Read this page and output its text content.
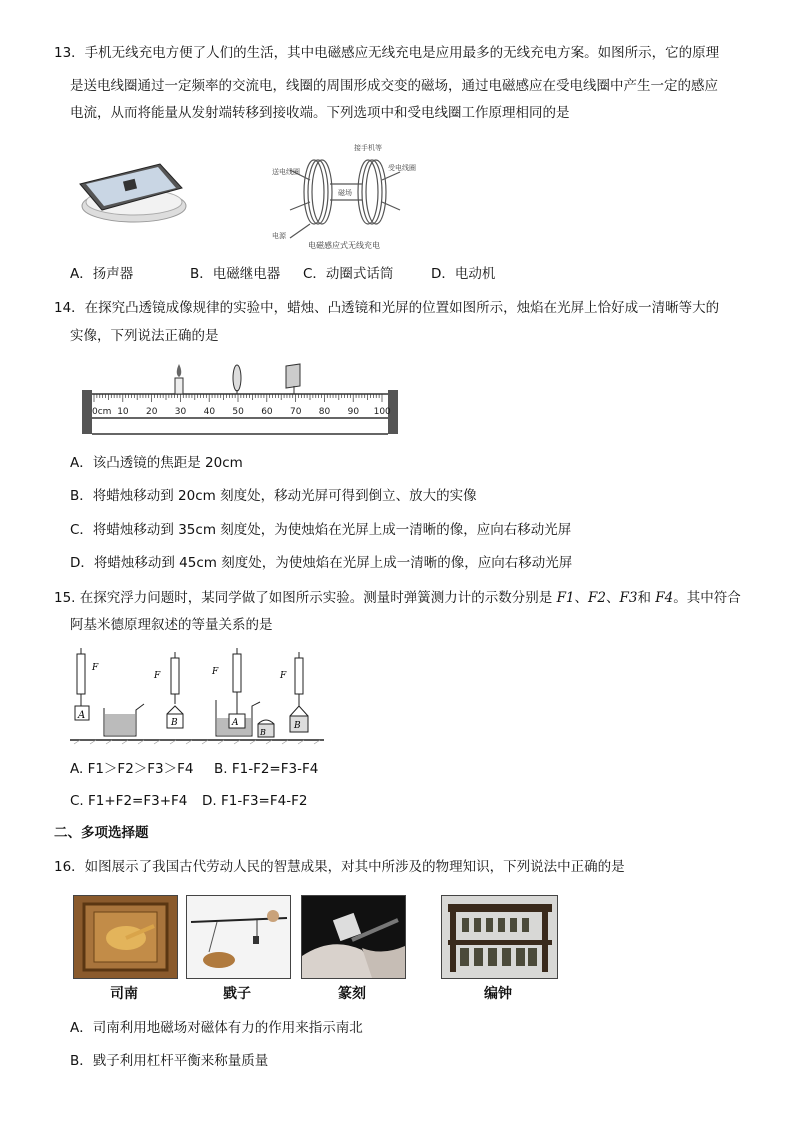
13．手机无线充电方便了人们的生活，其中电磁感应无线充电是应用最多的无线充电方案。如图所示，它的原理
是送电线圈通过一定频率的交流电，线圈的周围形成交变的磁场，通过电磁感应在受电线圈中产生一定的感应
电流，从而将能量从发射端转移到接收端。下列选项中和受电线圈工作原理相同的是
接手机等
送电线圈	受电线圈
磁场
电源
电磁感应式无线充电
A．扬声器	B．电磁继电器 C．动圈式话筒	D．电动机
14．在探究凸透镜成像规律的实验中，蜡烛、凸透镜和光屏的位置如图所示，烛焰在光屏上恰好成一清晰等大的
实像，下列说法正确的是
0cm 10 20 30 40 50 60 70 80 90 100
A．该凸透镜的焦距是 20cm
B．将蜡烛移动到 20cm 刻度处，移动光屏可得到倒立、放大的实像
C．将蜡烛移动到 35cm 刻度处，为使烛焰在光屏上成一清晰的像，应向右移动光屏
D．将蜡烛移动到 45cm 刻度处，为使烛焰在光屏上成一清晰的像，应向右移动光屏
15. 在探究浮力问题时，某同学做了如图所示实验。测量时弹簧测力计的示数分别是 F1、F2、F3和 F4。其中符合
阿基米德原理叙述的等量关系的是
F
A
F
B
F
A
B
F
B
A. F1＞F2＞F3＞F4 B. F1-F2=F3-F4
C. F1+F2=F3+F4 D. F1-F3=F4-F2
二、多项选择题
16．如图展示了我国古代劳动人民的智慧成果，对其中所涉及的物理知识，下列说法中正确的是
司南	戥子	篆刻	编钟
A．司南利用地磁场对磁体有力的作用来指示南北
B．戥子利用杠杆平衡来称量质量
